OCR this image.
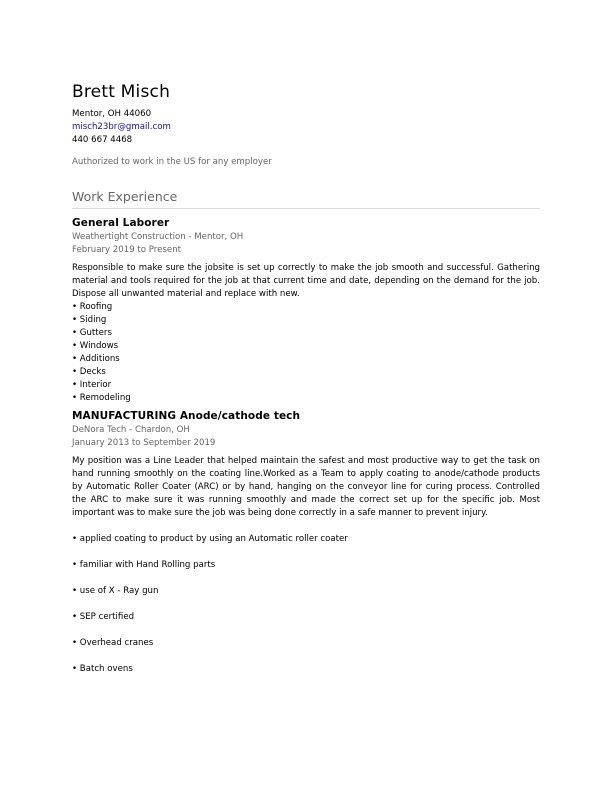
Brett Misch
Mentor, OH 44060
misch23br@gmail.com
440 667 4468
Authorized to work in the US for any employer
Work Experience
General Laborer
Weathertight Construction - Mentor, OH
February 2019 to Present
Responsible to make sure the jobsite is set up correctly to make the job smooth and successful. Gathering material and tools required for the job at that current time and date, depending on the demand for the job. Dispose all unwanted material and replace with new.
• Roofing
• Siding
• Gutters
• Windows
• Additions
• Decks
• Interior
• Remodeling
MANUFACTURING Anode/cathode tech
DeNora Tech - Chardon, OH
January 2013 to September 2019
My position was a Line Leader that helped maintain the safest and most productive way to get the task on hand running smoothly on the coating line.Worked as a Team to apply coating to anode/cathode products by Automatic Roller Coater (ARC) or by hand, hanging on the conveyor line for curing process. Controlled the ARC to make sure it was running smoothly and made the correct set up for the specific job. Most important was to make sure the job was being done correctly in a safe manner to prevent injury.
• applied coating to product by using an Automatic roller coater
• familiar with Hand Rolling parts
• use of X - Ray gun
• SEP certified
• Overhead cranes
• Batch ovens
